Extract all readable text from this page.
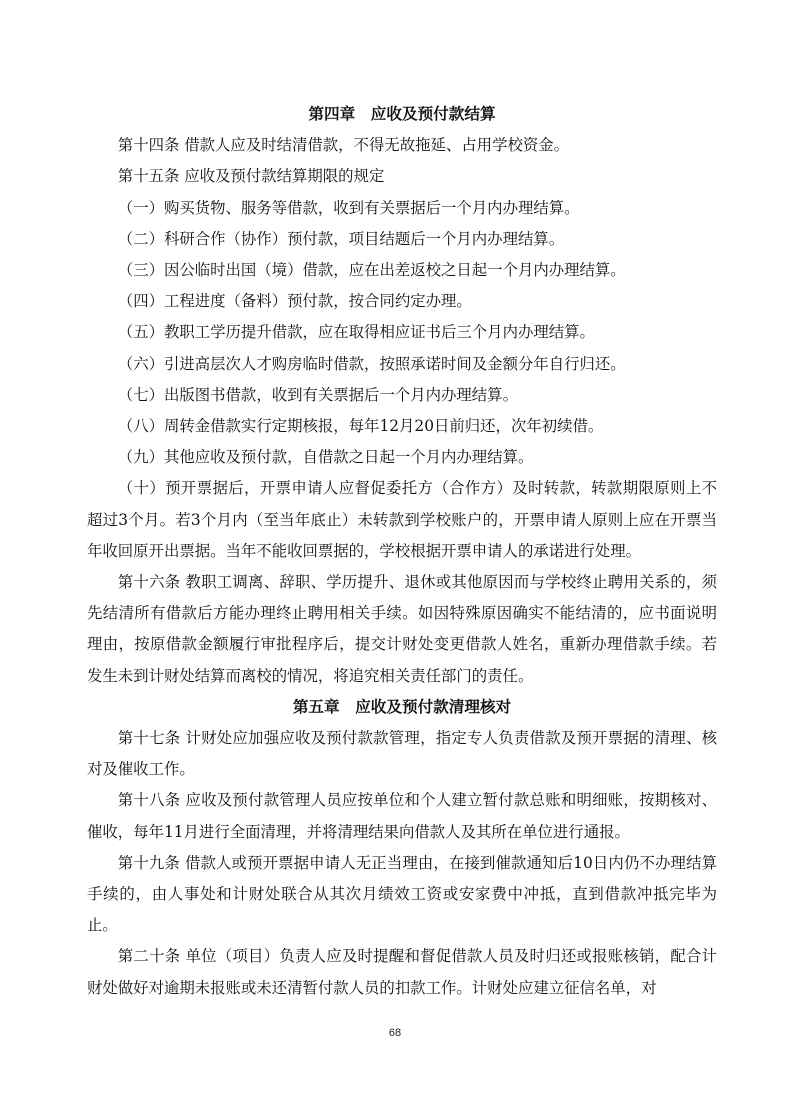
第四章　应收及预付款结算

第十四条 借款人应及时结清借款，不得无故拖延、占用学校资金。

第十五条 应收及预付款结算期限的规定

（一）购买货物、服务等借款，收到有关票据后一个月内办理结算。

（二）科研合作（协作）预付款，项目结题后一个月内办理结算。

（三）因公临时出国（境）借款，应在出差返校之日起一个月内办理结算。

（四）工程进度（备料）预付款，按合同约定办理。

（五）教职工学历提升借款，应在取得相应证书后三个月内办理结算。

（六）引进高层次人才购房临时借款，按照承诺时间及金额分年自行归还。

（七）出版图书借款，收到有关票据后一个月内办理结算。

（八）周转金借款实行定期核报，每年12月20日前归还，次年初续借。

（九）其他应收及预付款，自借款之日起一个月内办理结算。

（十）预开票据后，开票申请人应督促委托方（合作方）及时转款，转款期限原则上不超过3个月。若3个月内（至当年底止）未转款到学校账户的，开票申请人原则上应在开票当年收回原开出票据。当年不能收回票据的，学校根据开票申请人的承诺进行处理。

第十六条 教职工调离、辞职、学历提升、退休或其他原因而与学校终止聘用关系的，须先结清所有借款后方能办理终止聘用相关手续。如因特殊原因确实不能结清的，应书面说明理由，按原借款金额履行审批程序后，提交计财处变更借款人姓名，重新办理借款手续。若发生未到计财处结算而离校的情况，将追究相关责任部门的责任。

第五章　应收及预付款清理核对

第十七条 计财处应加强应收及预付款款管理，指定专人负责借款及预开票据的清理、核对及催收工作。

第十八条 应收及预付款管理人员应按单位和个人建立暂付款总账和明细账，按期核对、催收，每年11月进行全面清理，并将清理结果向借款人及其所在单位进行通报。

第十九条 借款人或预开票据申请人无正当理由，在接到催款通知后10日内仍不办理结算手续的，由人事处和计财处联合从其次月绩效工资或安家费中冲抵，直到借款冲抵完毕为止。

第二十条 单位（项目）负责人应及时提醒和督促借款人员及时归还或报账核销，配合计财处做好对逾期未报账或未还清暂付款人员的扣款工作。计财处应建立征信名单，对

68
